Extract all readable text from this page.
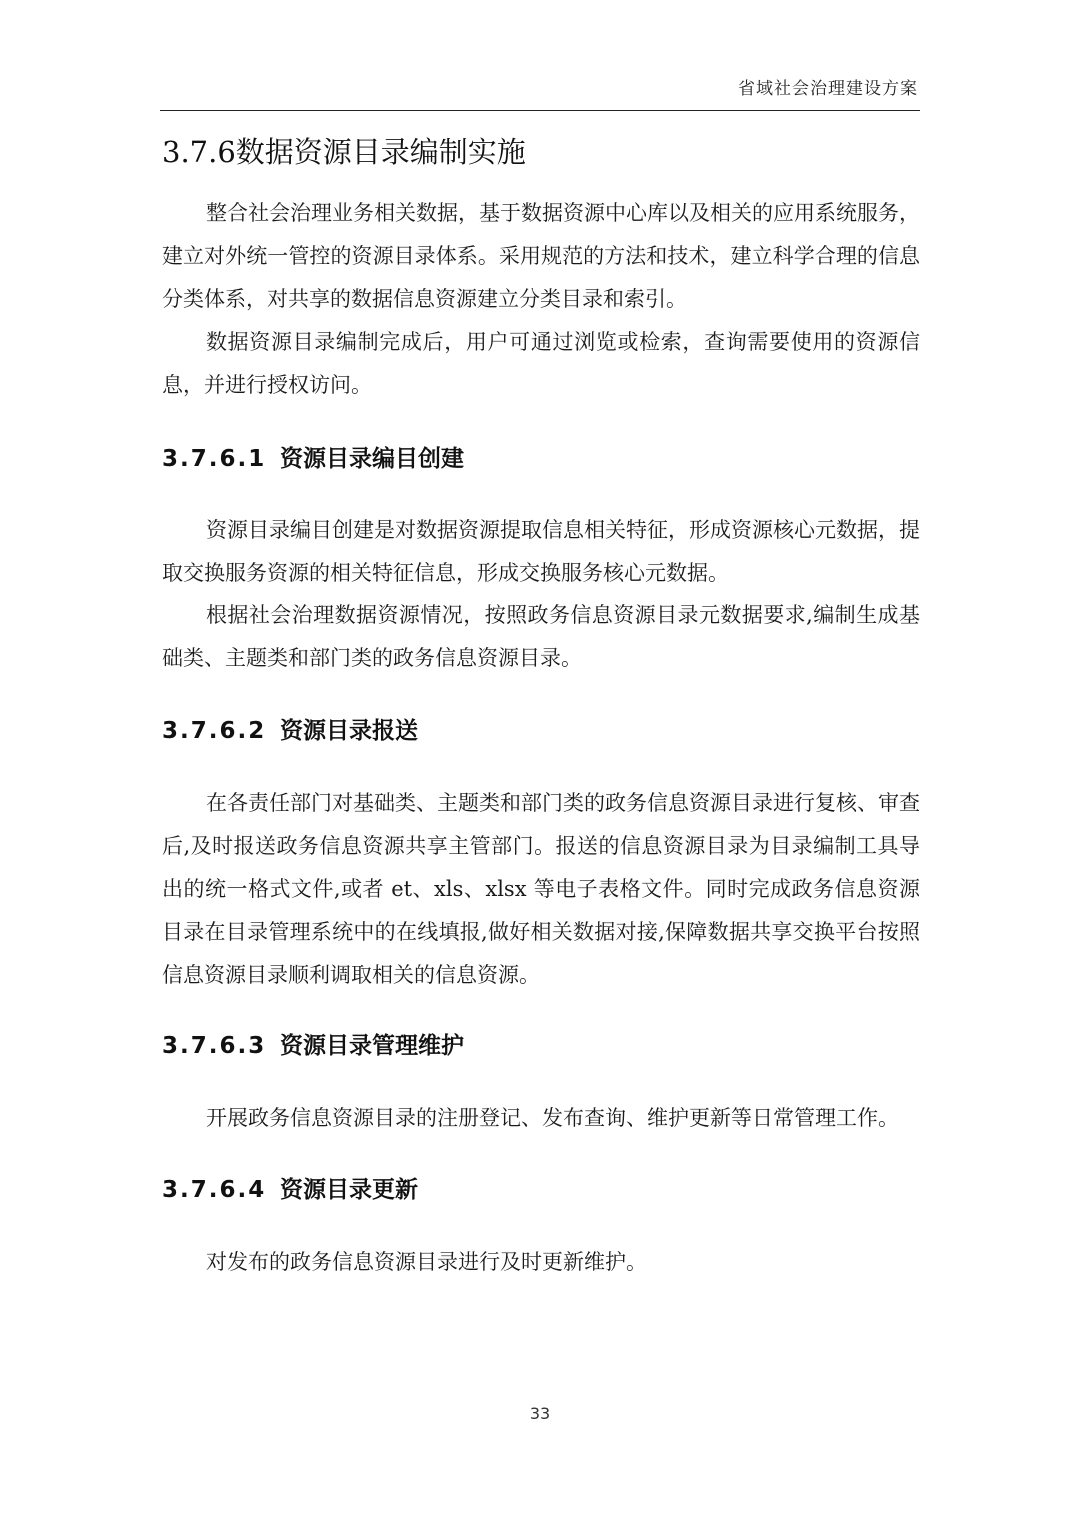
省域社会治理建设方案
3.7.6数据资源目录编制实施

整合社会治理业务相关数据，基于数据资源中心库以及相关的应用系统服务，建立对外统一管控的资源目录体系。采用规范的方法和技术，建立科学合理的信息分类体系，对共享的数据信息资源建立分类目录和索引。

数据资源目录编制完成后，用户可通过浏览或检索，查询需要使用的资源信息，并进行授权访问。

3.7.6.1 资源目录编目创建

资源目录编目创建是对数据资源提取信息相关特征，形成资源核心元数据，提取交换服务资源的相关特征信息，形成交换服务核心元数据。

根据社会治理数据资源情况，按照政务信息资源目录元数据要求,编制生成基础类、主题类和部门类的政务信息资源目录。

3.7.6.2 资源目录报送

在各责任部门对基础类、主题类和部门类的政务信息资源目录进行复核、审查后,及时报送政务信息资源共享主管部门。报送的信息资源目录为目录编制工具导出的统一格式文件,或者 et、xls、xlsx 等电子表格文件。同时完成政务信息资源目录在目录管理系统中的在线填报,做好相关数据对接,保障数据共享交换平台按照信息资源目录顺利调取相关的信息资源。

3.7.6.3 资源目录管理维护

开展政务信息资源目录的注册登记、发布查询、维护更新等日常管理工作。

3.7.6.4 资源目录更新

对发布的政务信息资源目录进行及时更新维护。

33
